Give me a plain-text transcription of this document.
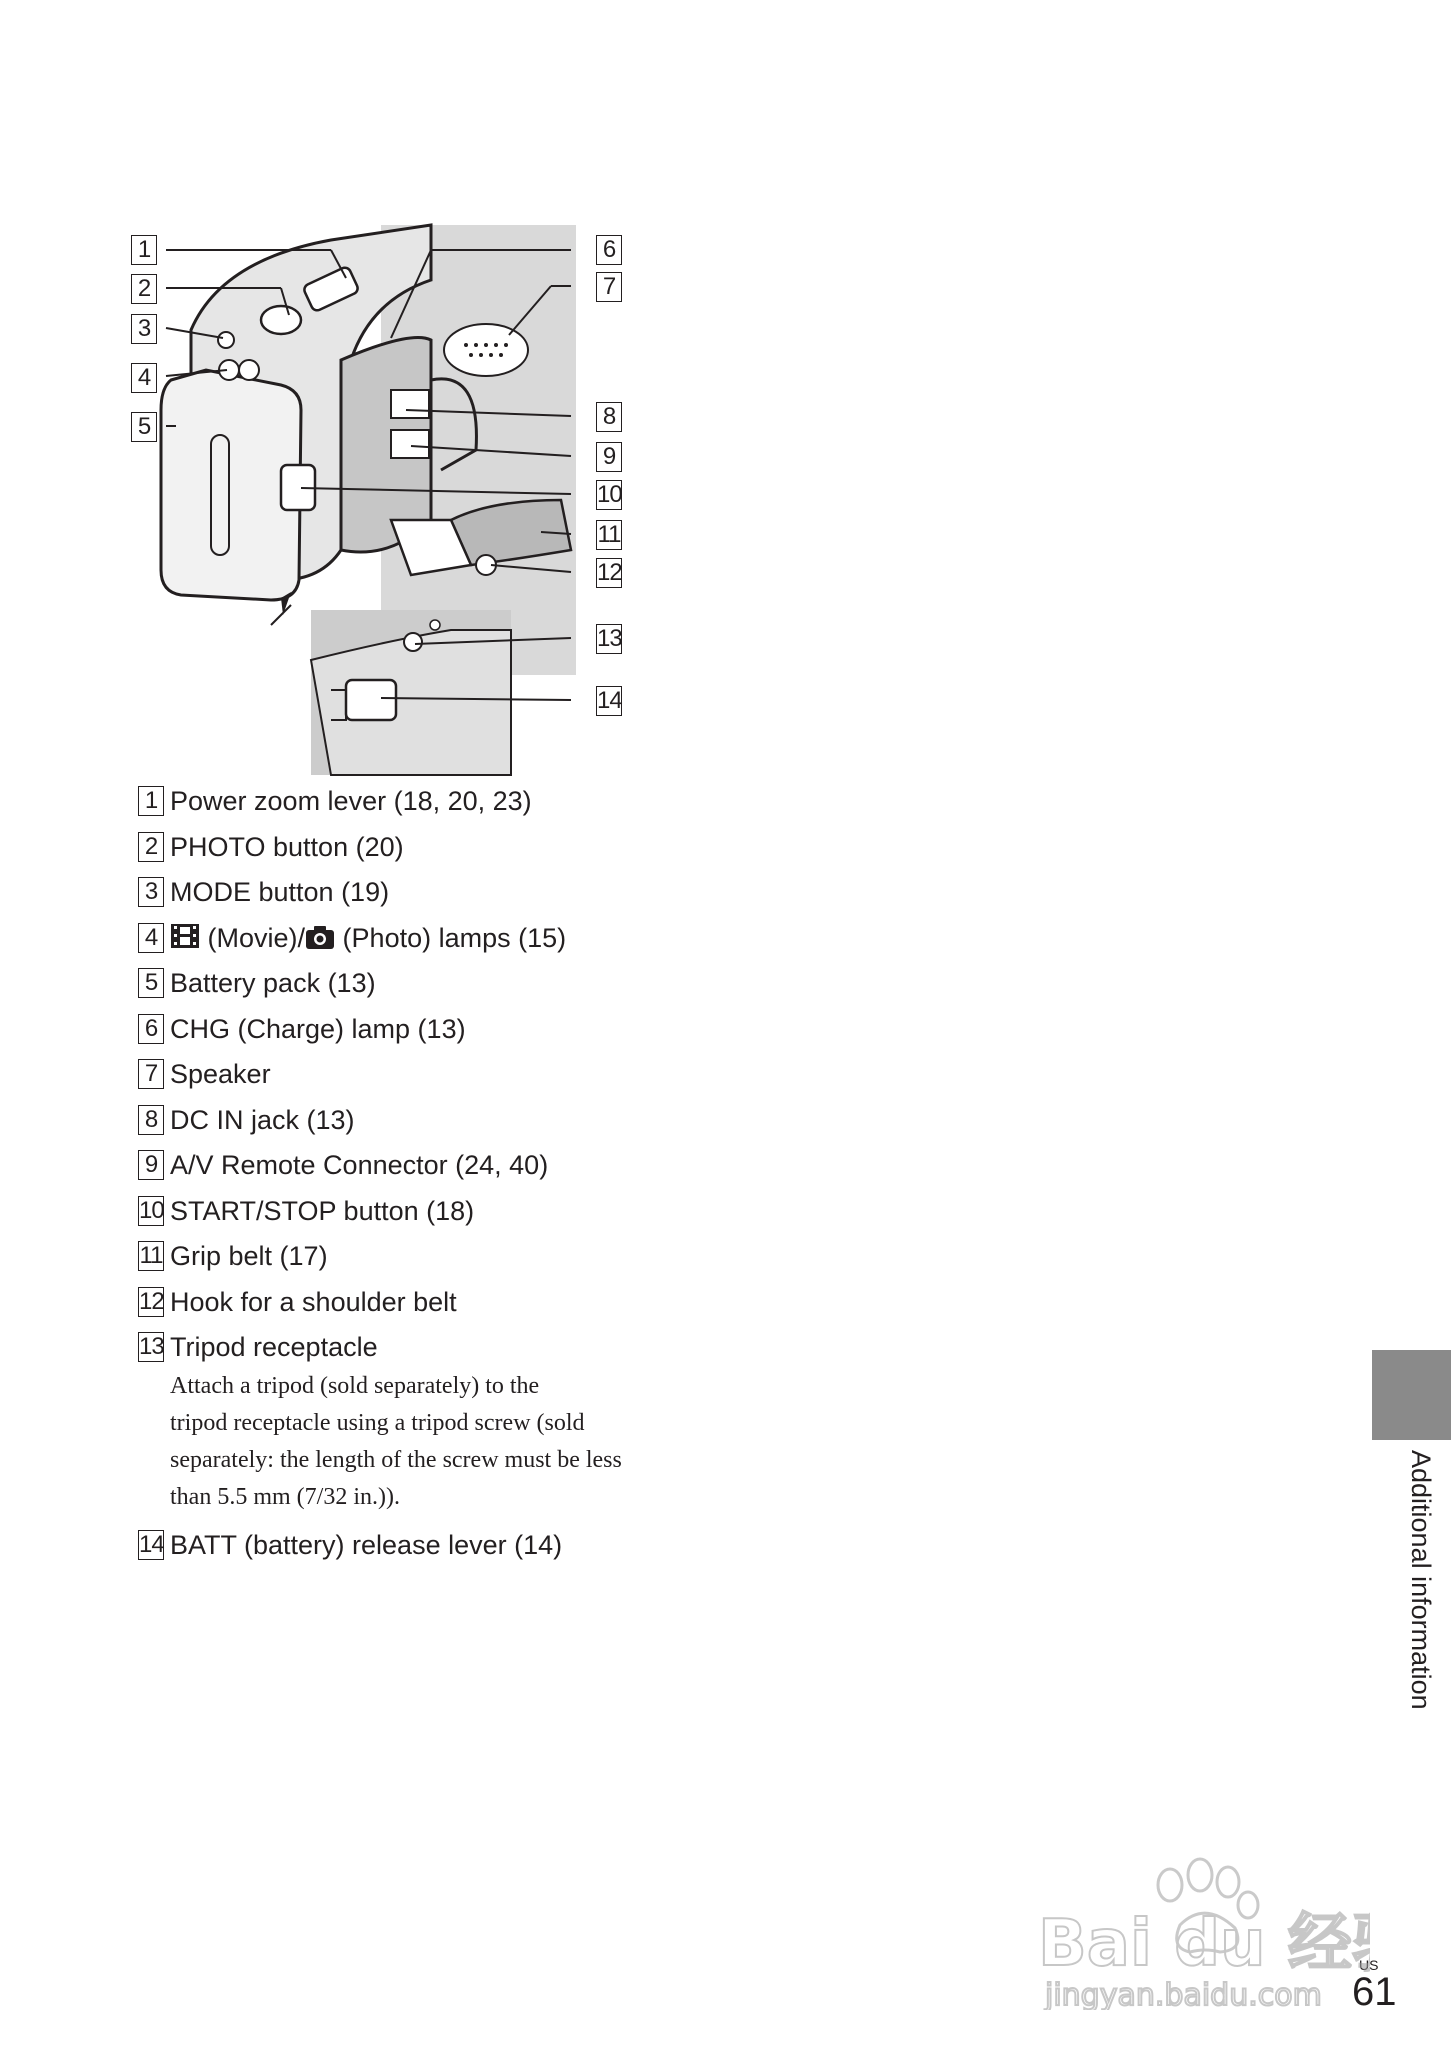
1
2
3
4
5
6
7
8
9
10
11
12
13
14
1 Power zoom lever (18, 20, 23)
2 PHOTO button (20)
3 MODE button (19)
4	(Movie)/ (Photo) lamps (15)
5 Battery pack (13)
6 CHG (Charge) lamp (13)
7 Speaker
8 DC IN jack (13)
9 A/V Remote Connector (24, 40)
10 START/STOP button (18)
11 Grip belt (17)
12 Hook for a shoulder belt
13 Tripod receptacle
Attach a tripod (sold separately) to the
tripod receptacle using a tripod screw (sold
separately: the length of the screw must be less
than 5.5 mm (7/32 in.)).
14 BATT (battery) release lever (14)	Additional information
US
61
Bai du 经
jingyan.baidu.com
